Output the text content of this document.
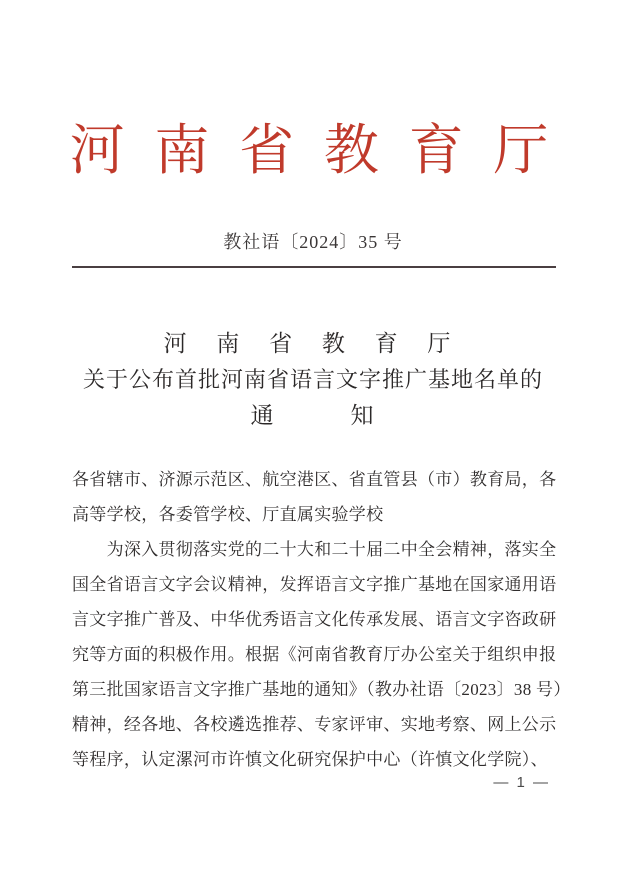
河 南 省 教 育 厅
教社语〔2024〕35 号
河 南 省 教 育 厅
关于公布首批河南省语言文字推广基地名单的
通　　　知
各省辖市、济源示范区、航空港区、省直管县（市）教育局，各
高等学校，各委管学校、厅直属实验学校
　　为深入贯彻落实党的二十大和二十届二中全会精神，落实全
国全省语言文字会议精神，发挥语言文字推广基地在国家通用语
言文字推广普及、中华优秀语言文化传承发展、语言文字咨政研
究等方面的积极作用。根据《河南省教育厅办公室关于组织申报
第三批国家语言文字推广基地的通知》（教办社语〔2023〕38 号）
精神，经各地、各校遴选推荐、专家评审、实地考察、网上公示
等程序，认定漯河市许慎文化研究保护中心（许慎文化学院）、
— 1 —
